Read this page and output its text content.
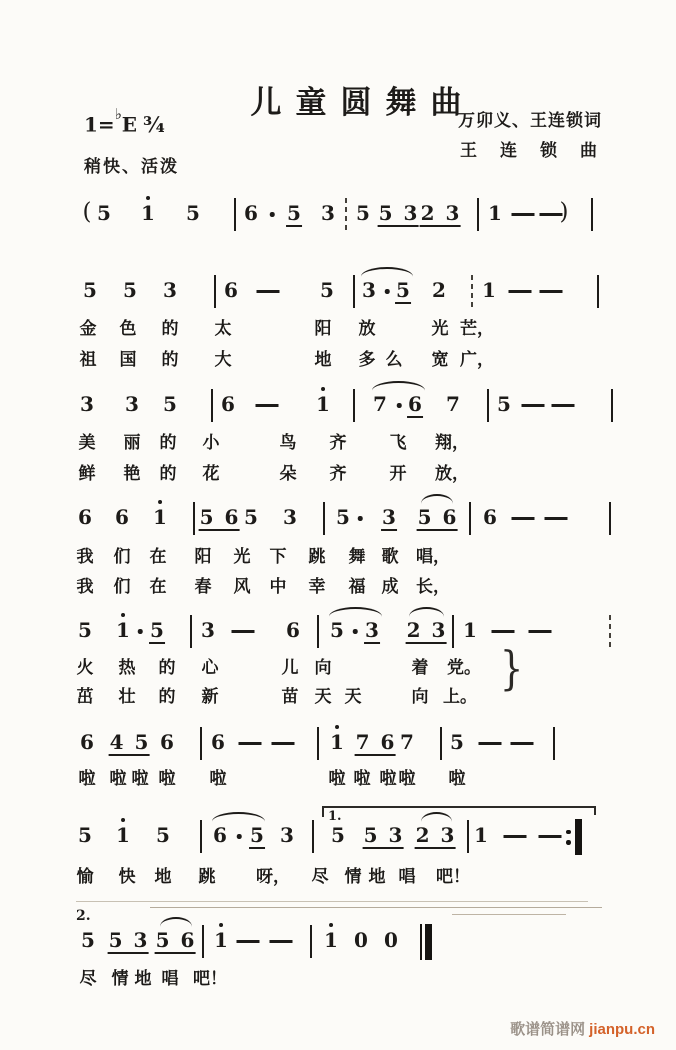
儿童圆舞曲
1=♭E ¾
稍快、活泼
万卯义、王连锁词
王连锁曲
( 5 1 5 6 5 3 5 5 3 2 3 1	)
5 5 3 6	5 3 5 2 1
金 色 的 太	阳 放	光 芒，
祖 国 的 大	地 多 么 宽 广，
3 3 5 6	1 7 6 7 5
美 丽 的 小	鸟 齐	飞 翔，
鲜 艳 的 花	朵 齐	开 放，
6 6 1 5 6 5 3 5 3 5 6 6
我 们 在 阳 光 下 跳 舞 歌 唱，
我 们 在 春 风 中 幸 福 成 长，
5 1 5 3	6 5 3 2 3 1
}
火 热 的 心	儿 向	着 党。
茁 壮 的 新	苗 天 天	向 上。
6 4 5 6 6	1 7 6 7 5
啦 啦 啦 啦 啦	啦 啦 啦 啦 啦
5 1 5 6 5 3 5 5 3 2 3 1
1.
愉 快 地 跳 呀， 尽 情 地 唱 吧！
5 5 3 5 6 1	1 0 0
2.
尽 情 地 唱 吧！
歌谱简谱网 jianpu.cn
